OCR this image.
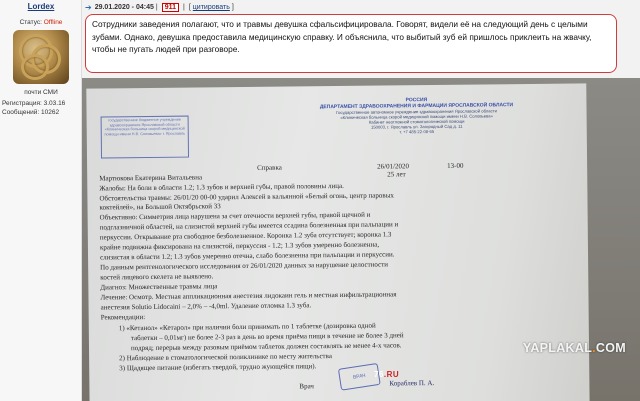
Lordex
Статус: Offline
почти СМИ
Регистрация: 3.03.16
Сообщений: 10262
➔ 29.01.2020 - 04:45 |	911	| [ цитировать ]
Сотрудники заведения полагают, что и травмы девушка сфальсифицировала. Говорят, видели её на следующий день с целыми зубами. Однако, девушка предоставила медицинскую справку. И объяснила, что выбитый зуб ей пришлось приклеить на жвачку, чтобы не пугать людей при разговоре.
государственное бюджетное учреждение здравоохранения Ярославской области «Клиническая больница скорой медицинской помощи имени Н.В. Соловьева» г. Ярославль
РОССИЯ
ДЕПАРТАМЕНТ ЗДРАВООХРАНЕНИЯ И ФАРМАЦИИ ЯРОСЛАВСКОЙ ОБЛАСТИ
Государственное автономное учреждение здравоохранения Ярославской области
«Клиническая больница скорой медицинской помощи имени Н.В. Соловьева»
Кабинет неотложной стоматологической помощи
150003, г. Ярославль ул. Загородный Сад д. 11
т. +7 485-22-08-65
Справка	26/01/2020	13-00
Мартюкова Екатерина Витальевна	25 лет
Жалобы: На боли в области 1.2; 1.3 зубов и верхней губы, правой половины лица.
Обстоятельства травмы: 26/01/20 00-00 ударил Алексей в кальянной «Белый огонь, центр паровых
коктейлей», на Большой Октябрьской 33
Объективно: Симметрия лица нарушена за счет отечности верхней губы, правой щечной и
подглазничной областей, на слизистой верхней губы имеется ссадина болезненная при пальпации и
перкуссии. Открывание рта свободное безболезненное. Коронка 1.2 зуба отсутствует; коронка 1.3
крайне подвижна фиксирована на слизистой, перкуссия - 1.2; 1.3 зубов умеренно болезненна,
слизистая в области 1.2; 1.3 зубов умеренно отечна, слабо болезненна при пальпации и перкуссии.
По данным рентгенологического исследования от 26/01/2020 данных за нарушение целостности
костей лицевого скелета не выявлено.
Диагноз: Множественные травмы лица
Лечение: Осмотр. Местная аппликационная анестезия лидокаин гель и местная инфильтрационная
анестезия Solutio Lidocaini – 2,0% – -4,0ml. Удаление отломка 1.3 зуба.
Рекомендации:
1) «Кетанол» «Кетарол» при наличии боли принимать по 1 таблетке (дозировка одной
таблетки – 0,01мг) не более 2-3 раз в день во время приёма пищи в течение не более 3 дней
подряд; перерыв между разовым приёмом таблеток должен составлять не менее 4-х часов.
2) Наблюдение в стоматологической поликлинике по месту жительства
3) Щадящее питание (избегать твердой, трудно жующейся пищи).
Врач	Кораблев П. А.
ВРАЧ 76.RU
YAPLAKAL.COM
